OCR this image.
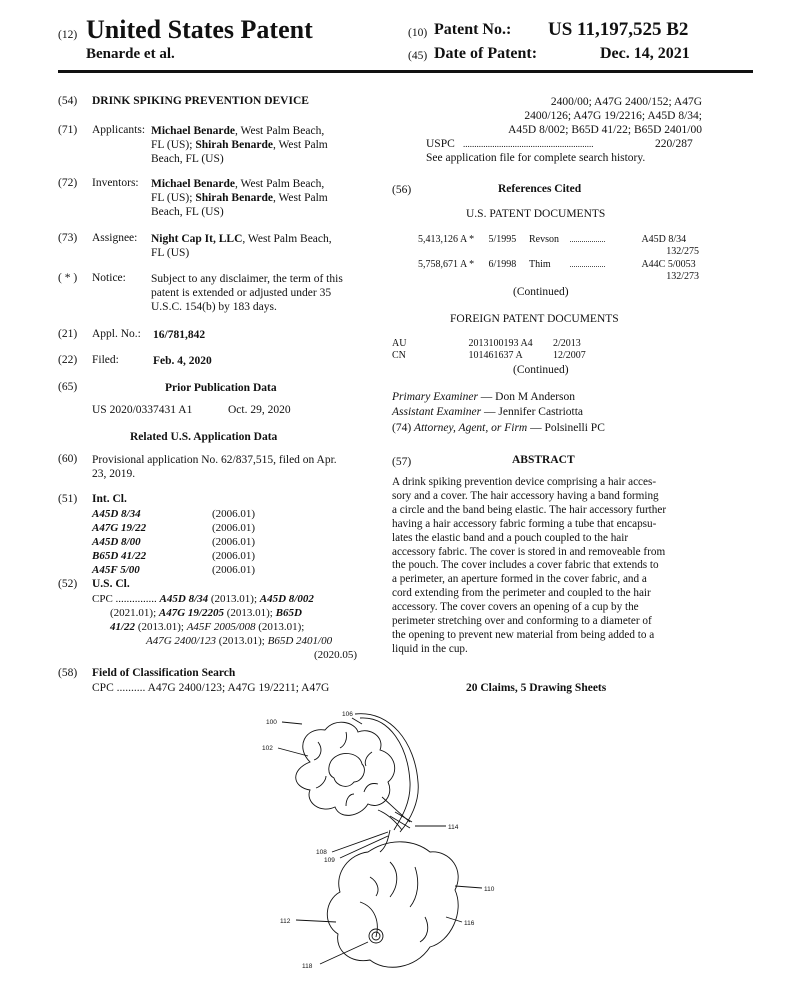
(12) United States Patent
Benarde et al.
(10) Patent No.: US 11,197,525 B2
(45) Date of Patent:	Dec. 14, 2021
(54)	DRINK SPIKING PREVENTION DEVICE
(71)	Applicants: Michael Benarde, West Palm Beach,
FL (US); Shirah Benarde, West Palm
Beach, FL (US)
(72)	Inventors: Michael Benarde, West Palm Beach,
FL (US); Shirah Benarde, West Palm
Beach, FL (US)
(73)	Assignee: Night Cap It, LLC, West Palm Beach,
FL (US)
( * )	Notice: Subject to any disclaimer, the term of this
patent is extended or adjusted under 35
U.S.C. 154(b) by 183 days.
(21)	Appl. No.: 16/781,842
(22)	Filed:	Feb. 4, 2020
(65)	Prior Publication Data
US 2020/0337431 A1	Oct. 29, 2020
Related U.S. Application Data
(60)	Provisional application No. 62/837,515, filed on Apr.
23, 2019.
(51)	Int. Cl.
A45D 8/34	(2006.01)
A47G 19/22	(2006.01)
A45D 8/00	(2006.01)
B65D 41/22	(2006.01)
A45F 5/00	(2006.01)
(52)	U.S. Cl.
CPC ............... A45D 8/34 (2013.01); A45D 8/002
(2021.01); A47G 19/2205 (2013.01); B65D
41/22 (2013.01); A45F 2005/008 (2013.01);
A47G 2400/123 (2013.01); B65D 2401/00
(2020.05)
(58)	Field of Classification Search
CPC .......... A47G 2400/123; A47G 19/2211; A47G
2400/00; A47G 2400/152; A47G
2400/126; A47G 19/2216; A45D 8/34;
A45D 8/002; B65D 41/22; B65D 2401/00
USPC ..........................................................	220/287
See application file for complete search history.
(56)	References Cited
U.S. PATENT DOCUMENTS
5,413,126 A * 5/1995 Revson ..................	A45D 8/34
132/275
5,758,671 A * 6/1998 Thim ..................	A44C 5/0053
132/273
(Continued)
FOREIGN PATENT DOCUMENTS
AU	2013100193 A4 2/2013
CN	101461637 A	12/2007
(Continued)
Primary Examiner — Don M Anderson
Assistant Examiner — Jennifer Castriotta
(74) Attorney, Agent, or Firm — Polsinelli PC
(57)	ABSTRACT
A drink spiking prevention device comprising a hair acces-
sory and a cover. The hair accessory having a band forming
a circle and the band being elastic. The hair accessory further
having a hair accessory fabric forming a tube that encapsu-
lates the elastic band and a pouch coupled to the hair
accessory fabric. The cover is stored in and removeable from
the pouch. The cover includes a cover fabric that extends to
a perimeter, an aperture formed in the cover fabric, and a
cord extending from the perimeter and coupled to the hair
accessory. The cover covers an opening of a cup by the
perimeter stretching over and conforming to a diameter of
the opening to prevent new material from being added to a
liquid in the cup.
20 Claims, 5 Drawing Sheets
100
106
102
114
108
109
110
112	116
118
